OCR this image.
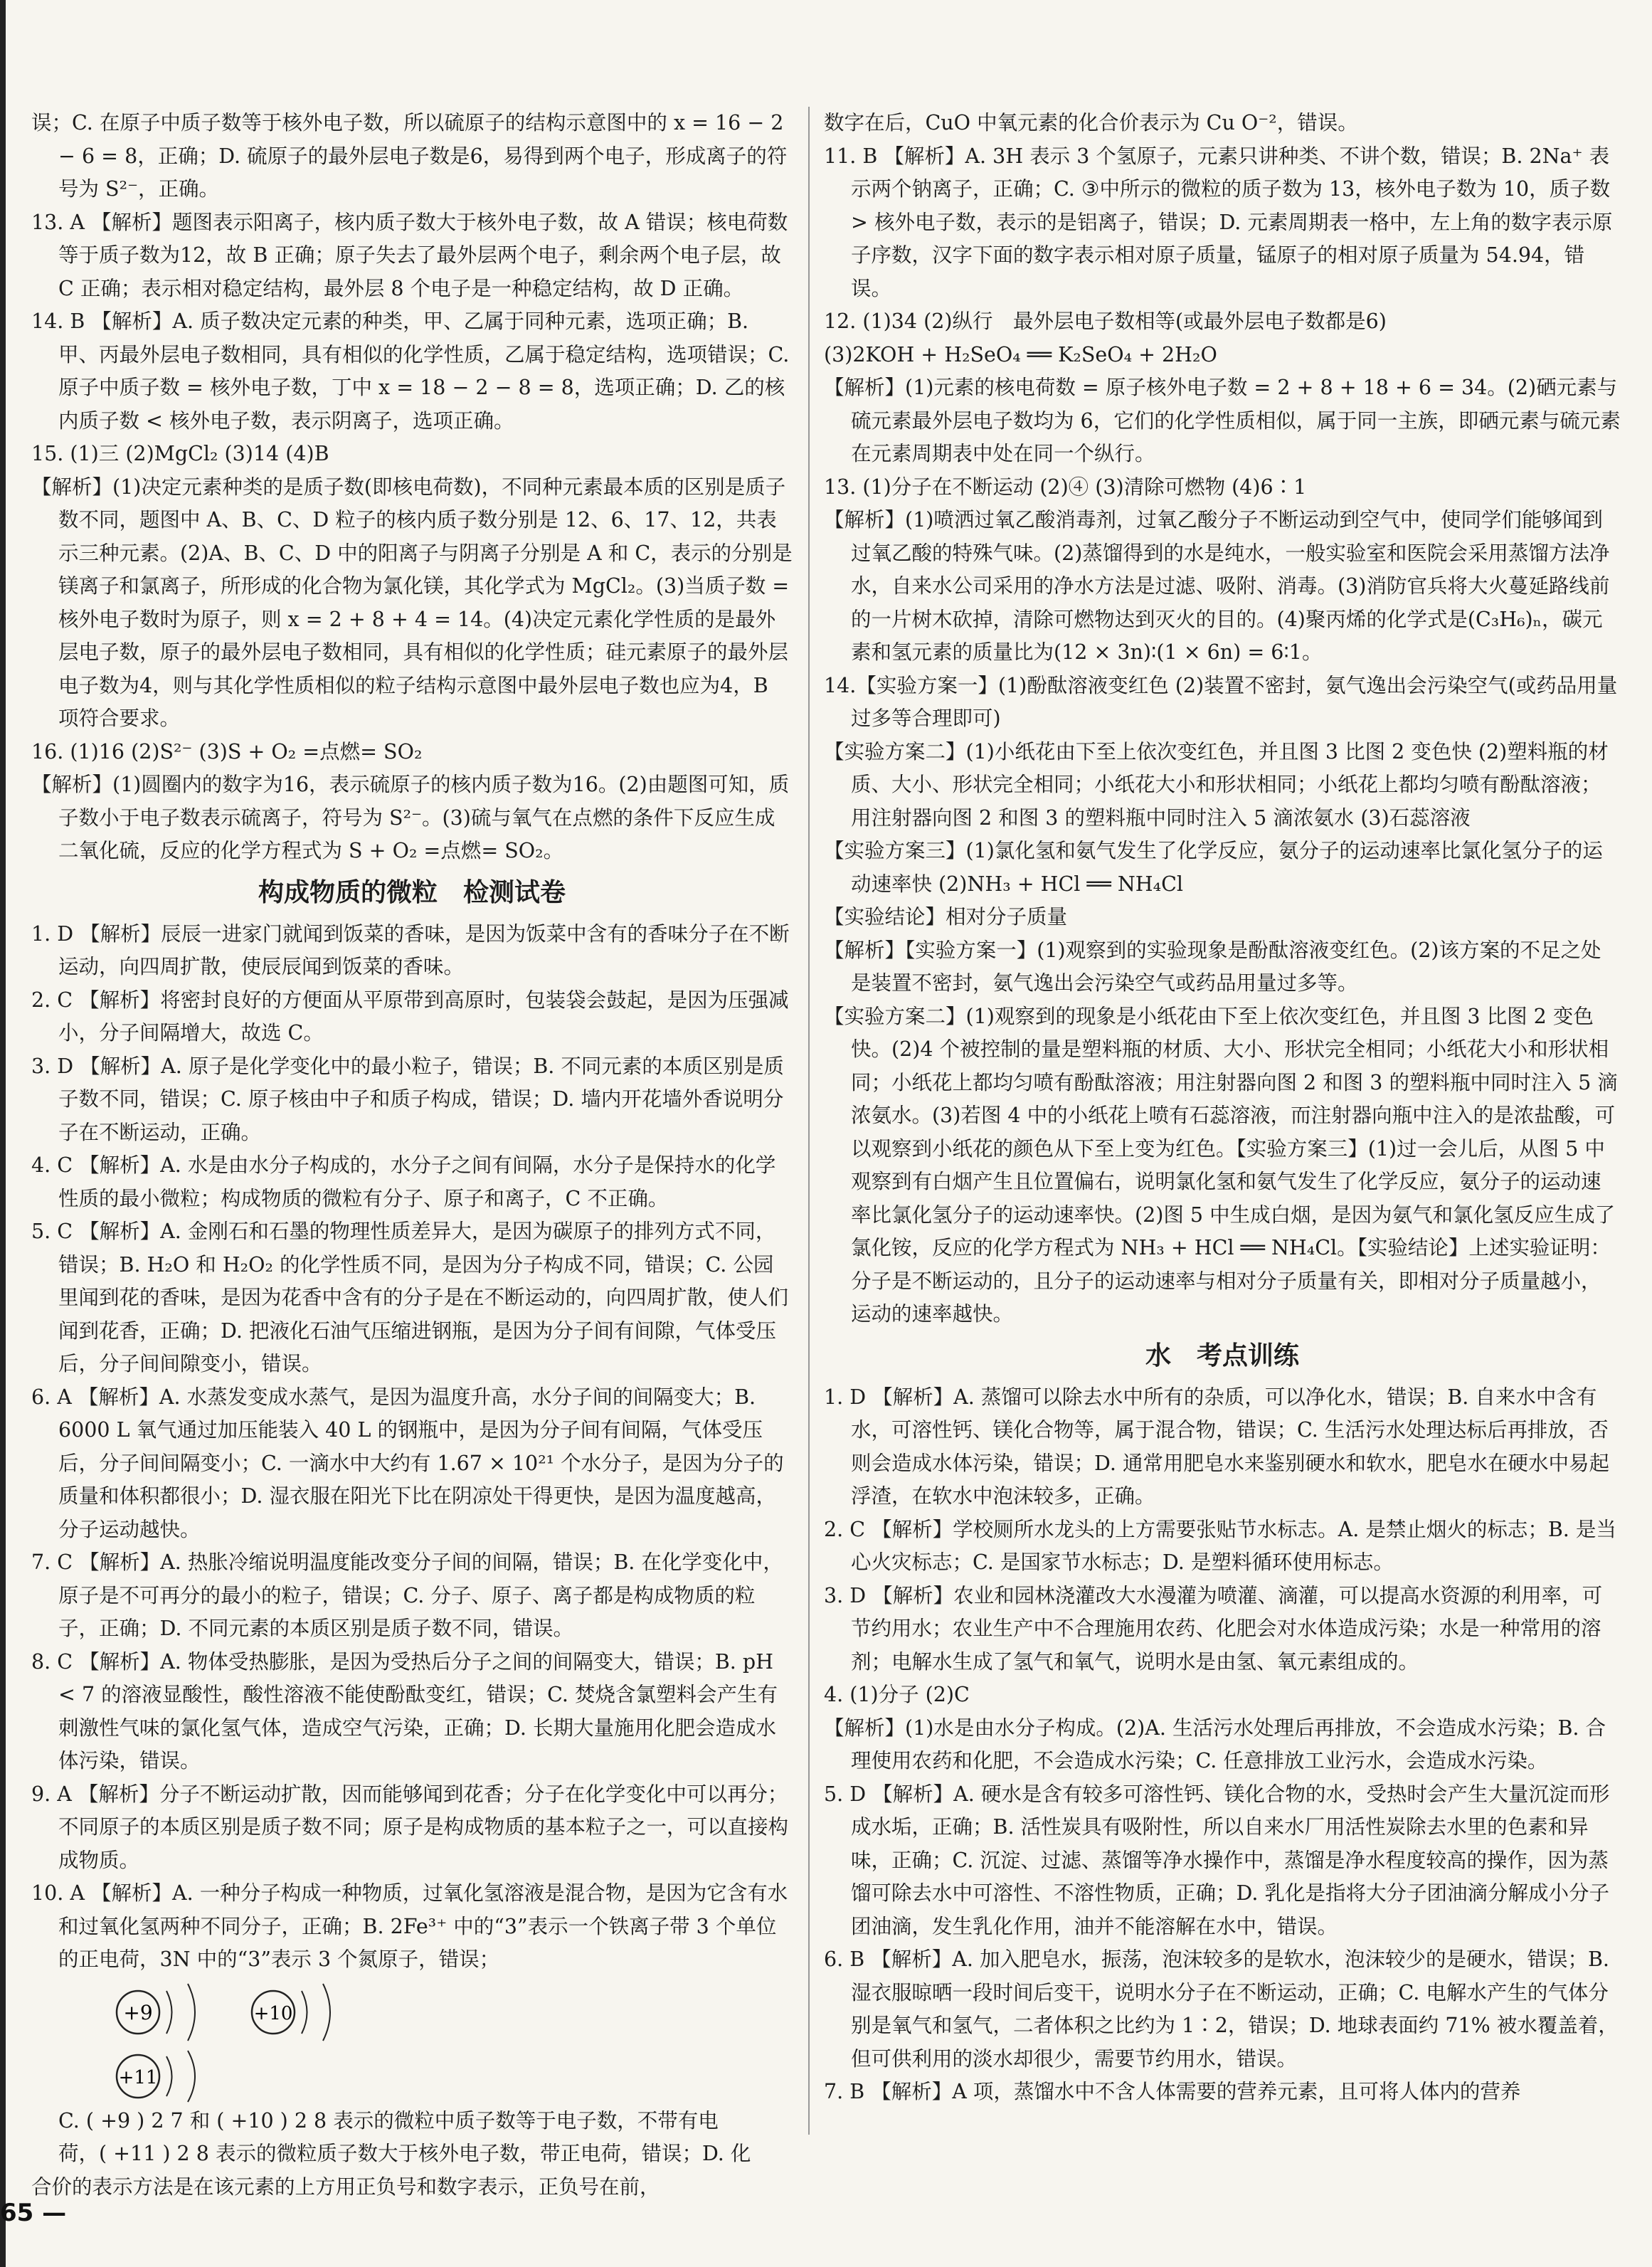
误；C. 在原子中质子数等于核外电子数，所以硫原子的结构示意图中的 x = 16 − 2 − 6 = 8，正确；D. 硫原子的最外层电子数是6，易得到两个电子，形成离子的符号为 S²⁻，正确。

13. A 【解析】题图表示阳离子，核内质子数大于核外电子数，故 A 错误；核电荷数等于质子数为12，故 B 正确；原子失去了最外层两个电子，剩余两个电子层，故 C 正确；表示相对稳定结构，最外层 8 个电子是一种稳定结构，故 D 正确。

14. B 【解析】A. 质子数决定元素的种类，甲、乙属于同种元素，选项正确；B. 甲、丙最外层电子数相同，具有相似的化学性质，乙属于稳定结构，选项错误；C. 原子中质子数 = 核外电子数，丁中 x = 18 − 2 − 8 = 8，选项正确；D. 乙的核内质子数 < 核外电子数，表示阴离子，选项正确。

15. (1)三 (2)MgCl₂ (3)14 (4)B

【解析】(1)决定元素种类的是质子数(即核电荷数)，不同种元素最本质的区别是质子数不同，题图中 A、B、C、D 粒子的核内质子数分别是 12、6、17、12，共表示三种元素。(2)A、B、C、D 中的阳离子与阴离子分别是 A 和 C，表示的分别是镁离子和氯离子，所形成的化合物为氯化镁，其化学式为 MgCl₂。(3)当质子数 = 核外电子数时为原子，则 x = 2 + 8 + 4 = 14。(4)决定元素化学性质的是最外层电子数，原子的最外层电子数相同，具有相似的化学性质；硅元素原子的最外层电子数为4，则与其化学性质相似的粒子结构示意图中最外层电子数也应为4，B 项符合要求。

16. (1)16 (2)S²⁻ (3)S + O₂ =点燃= SO₂

【解析】(1)圆圈内的数字为16，表示硫原子的核内质子数为16。(2)由题图可知，质子数小于电子数表示硫离子，符号为 S²⁻。(3)硫与氧气在点燃的条件下反应生成二氧化硫，反应的化学方程式为 S + O₂ =点燃= SO₂。

构成物质的微粒　检测试卷

1. D 【解析】辰辰一进家门就闻到饭菜的香味，是因为饭菜中含有的香味分子在不断运动，向四周扩散，使辰辰闻到饭菜的香味。

2. C 【解析】将密封良好的方便面从平原带到高原时，包装袋会鼓起，是因为压强减小，分子间隔增大，故选 C。

3. D 【解析】A. 原子是化学变化中的最小粒子，错误；B. 不同元素的本质区别是质子数不同，错误；C. 原子核由中子和质子构成，错误；D. 墙内开花墙外香说明分子在不断运动，正确。

4. C 【解析】A. 水是由水分子构成的，水分子之间有间隔，水分子是保持水的化学性质的最小微粒；构成物质的微粒有分子、原子和离子，C 不正确。

5. C 【解析】A. 金刚石和石墨的物理性质差异大，是因为碳原子的排列方式不同，错误；B. H₂O 和 H₂O₂ 的化学性质不同，是因为分子构成不同，错误；C. 公园里闻到花的香味，是因为花香中含有的分子是在不断运动的，向四周扩散，使人们闻到花香，正确；D. 把液化石油气压缩进钢瓶，是因为分子间有间隙，气体受压后，分子间间隙变小，错误。

6. A 【解析】A. 水蒸发变成水蒸气，是因为温度升高，水分子间的间隔变大；B. 6000 L 氧气通过加压能装入 40 L 的钢瓶中，是因为分子间有间隔，气体受压后，分子间间隔变小；C. 一滴水中大约有 1.67 × 10²¹ 个水分子，是因为分子的质量和体积都很小；D. 湿衣服在阳光下比在阴凉处干得更快，是因为温度越高，分子运动越快。

7. C 【解析】A. 热胀冷缩说明温度能改变分子间的间隔，错误；B. 在化学变化中，原子是不可再分的最小的粒子，错误；C. 分子、原子、离子都是构成物质的粒子，正确；D. 不同元素的本质区别是质子数不同，错误。

8. C 【解析】A. 物体受热膨胀，是因为受热后分子之间的间隔变大，错误；B. pH < 7 的溶液显酸性，酸性溶液不能使酚酞变红，错误；C. 焚烧含氯塑料会产生有刺激性气味的氯化氢气体，造成空气污染，正确；D. 长期大量施用化肥会造成水体污染，错误。

9. A 【解析】分子不断运动扩散，因而能够闻到花香；分子在化学变化中可以再分；不同原子的本质区别是质子数不同；原子是构成物质的基本粒子之一，可以直接构成物质。

10. A 【解析】A. 一种分子构成一种物质，过氧化氢溶液是混合物，是因为它含有水和过氧化氢两种不同分子，正确；B. 2Fe³⁺ 中的“3”表示一个铁离子带 3 个单位的正电荷，3N 中的“3”表示 3 个氮原子，错误；

+9	+10
+11

C. ( +9 ) 2 7 和 ( +10 ) 2 8 表示的微粒中质子数等于电子数，不带有电

荷，( +11 ) 2 8 表示的微粒质子数大于核外电子数，带正电荷，错误；D. 化

合价的表示方法是在该元素的上方用正负号和数字表示，正负号在前，

数字在后，CuO 中氧元素的化合价表示为 Cu O⁻²，错误。

11. B 【解析】A. 3H 表示 3 个氢原子，元素只讲种类、不讲个数，错误；B. 2Na⁺ 表示两个钠离子，正确；C. ③中所示的微粒的质子数为 13，核外电子数为 10，质子数 > 核外电子数，表示的是铝离子，错误；D. 元素周期表一格中，左上角的数字表示原子序数，汉字下面的数字表示相对原子质量，锰原子的相对原子质量为 54.94，错误。

12. (1)34 (2)纵行　最外层电子数相等(或最外层电子数都是6)

(3)2KOH + H₂SeO₄ ══ K₂SeO₄ + 2H₂O

【解析】(1)元素的核电荷数 = 原子核外电子数 = 2 + 8 + 18 + 6 = 34。(2)硒元素与硫元素最外层电子数均为 6，它们的化学性质相似，属于同一主族，即硒元素与硫元素在元素周期表中处在同一个纵行。

13. (1)分子在不断运动 (2)④ (3)清除可燃物 (4)6∶1

【解析】(1)喷洒过氧乙酸消毒剂，过氧乙酸分子不断运动到空气中，使同学们能够闻到过氧乙酸的特殊气味。(2)蒸馏得到的水是纯水，一般实验室和医院会采用蒸馏方法净水，自来水公司采用的净水方法是过滤、吸附、消毒。(3)消防官兵将大火蔓延路线前的一片树木砍掉，清除可燃物达到灭火的目的。(4)聚丙烯的化学式是(C₃H₆)ₙ，碳元素和氢元素的质量比为(12 × 3n)∶(1 × 6n) = 6∶1。

14.【实验方案一】(1)酚酞溶液变红色 (2)装置不密封，氨气逸出会污染空气(或药品用量过多等合理即可)

【实验方案二】(1)小纸花由下至上依次变红色，并且图 3 比图 2 变色快 (2)塑料瓶的材质、大小、形状完全相同；小纸花大小和形状相同；小纸花上都均匀喷有酚酞溶液；用注射器向图 2 和图 3 的塑料瓶中同时注入 5 滴浓氨水 (3)石蕊溶液

【实验方案三】(1)氯化氢和氨气发生了化学反应，氨分子的运动速率比氯化氢分子的运动速率快 (2)NH₃ + HCl ══ NH₄Cl

【实验结论】相对分子质量

【解析】【实验方案一】(1)观察到的实验现象是酚酞溶液变红色。(2)该方案的不足之处是装置不密封，氨气逸出会污染空气或药品用量过多等。

【实验方案二】(1)观察到的现象是小纸花由下至上依次变红色，并且图 3 比图 2 变色快。(2)4 个被控制的量是塑料瓶的材质、大小、形状完全相同；小纸花大小和形状相同；小纸花上都均匀喷有酚酞溶液；用注射器向图 2 和图 3 的塑料瓶中同时注入 5 滴浓氨水。(3)若图 4 中的小纸花上喷有石蕊溶液，而注射器向瓶中注入的是浓盐酸，可以观察到小纸花的颜色从下至上变为红色。【实验方案三】(1)过一会儿后，从图 5 中观察到有白烟产生且位置偏右，说明氯化氢和氨气发生了化学反应，氨分子的运动速率比氯化氢分子的运动速率快。(2)图 5 中生成白烟，是因为氨气和氯化氢反应生成了氯化铵，反应的化学方程式为 NH₃ + HCl ══ NH₄Cl。【实验结论】上述实验证明：分子是不断运动的，且分子的运动速率与相对分子质量有关，即相对分子质量越小，运动的速率越快。

水　考点训练

1. D 【解析】A. 蒸馏可以除去水中所有的杂质，可以净化水，错误；B. 自来水中含有水，可溶性钙、镁化合物等，属于混合物，错误；C. 生活污水处理达标后再排放，否则会造成水体污染，错误；D. 通常用肥皂水来鉴别硬水和软水，肥皂水在硬水中易起浮渣，在软水中泡沫较多，正确。

2. C 【解析】学校厕所水龙头的上方需要张贴节水标志。A. 是禁止烟火的标志；B. 是当心火灾标志；C. 是国家节水标志；D. 是塑料循环使用标志。

3. D 【解析】农业和园林浇灌改大水漫灌为喷灌、滴灌，可以提高水资源的利用率，可节约用水；农业生产中不合理施用农药、化肥会对水体造成污染；水是一种常用的溶剂；电解水生成了氢气和氧气，说明水是由氢、氧元素组成的。

4. (1)分子 (2)C

【解析】(1)水是由水分子构成。(2)A. 生活污水处理后再排放，不会造成水污染；B. 合理使用农药和化肥，不会造成水污染；C. 任意排放工业污水，会造成水污染。

5. D 【解析】A. 硬水是含有较多可溶性钙、镁化合物的水，受热时会产生大量沉淀而形成水垢，正确；B. 活性炭具有吸附性，所以自来水厂用活性炭除去水里的色素和异味，正确；C. 沉淀、过滤、蒸馏等净水操作中，蒸馏是净水程度较高的操作，因为蒸馏可除去水中可溶性、不溶性物质，正确；D. 乳化是指将大分子团油滴分解成小分子团油滴，发生乳化作用，油并不能溶解在水中，错误。

6. B 【解析】A. 加入肥皂水，振荡，泡沫较多的是软水，泡沫较少的是硬水，错误；B. 湿衣服晾晒一段时间后变干，说明水分子在不断运动，正确；C. 电解水产生的气体分别是氧气和氢气，二者体积之比约为 1∶2，错误；D. 地球表面约 71% 被水覆盖着，但可供利用的淡水却很少，需要节约用水，错误。

7. B 【解析】A 项，蒸馏水中不含人体需要的营养元素，且可将人体内的营养

65 —
